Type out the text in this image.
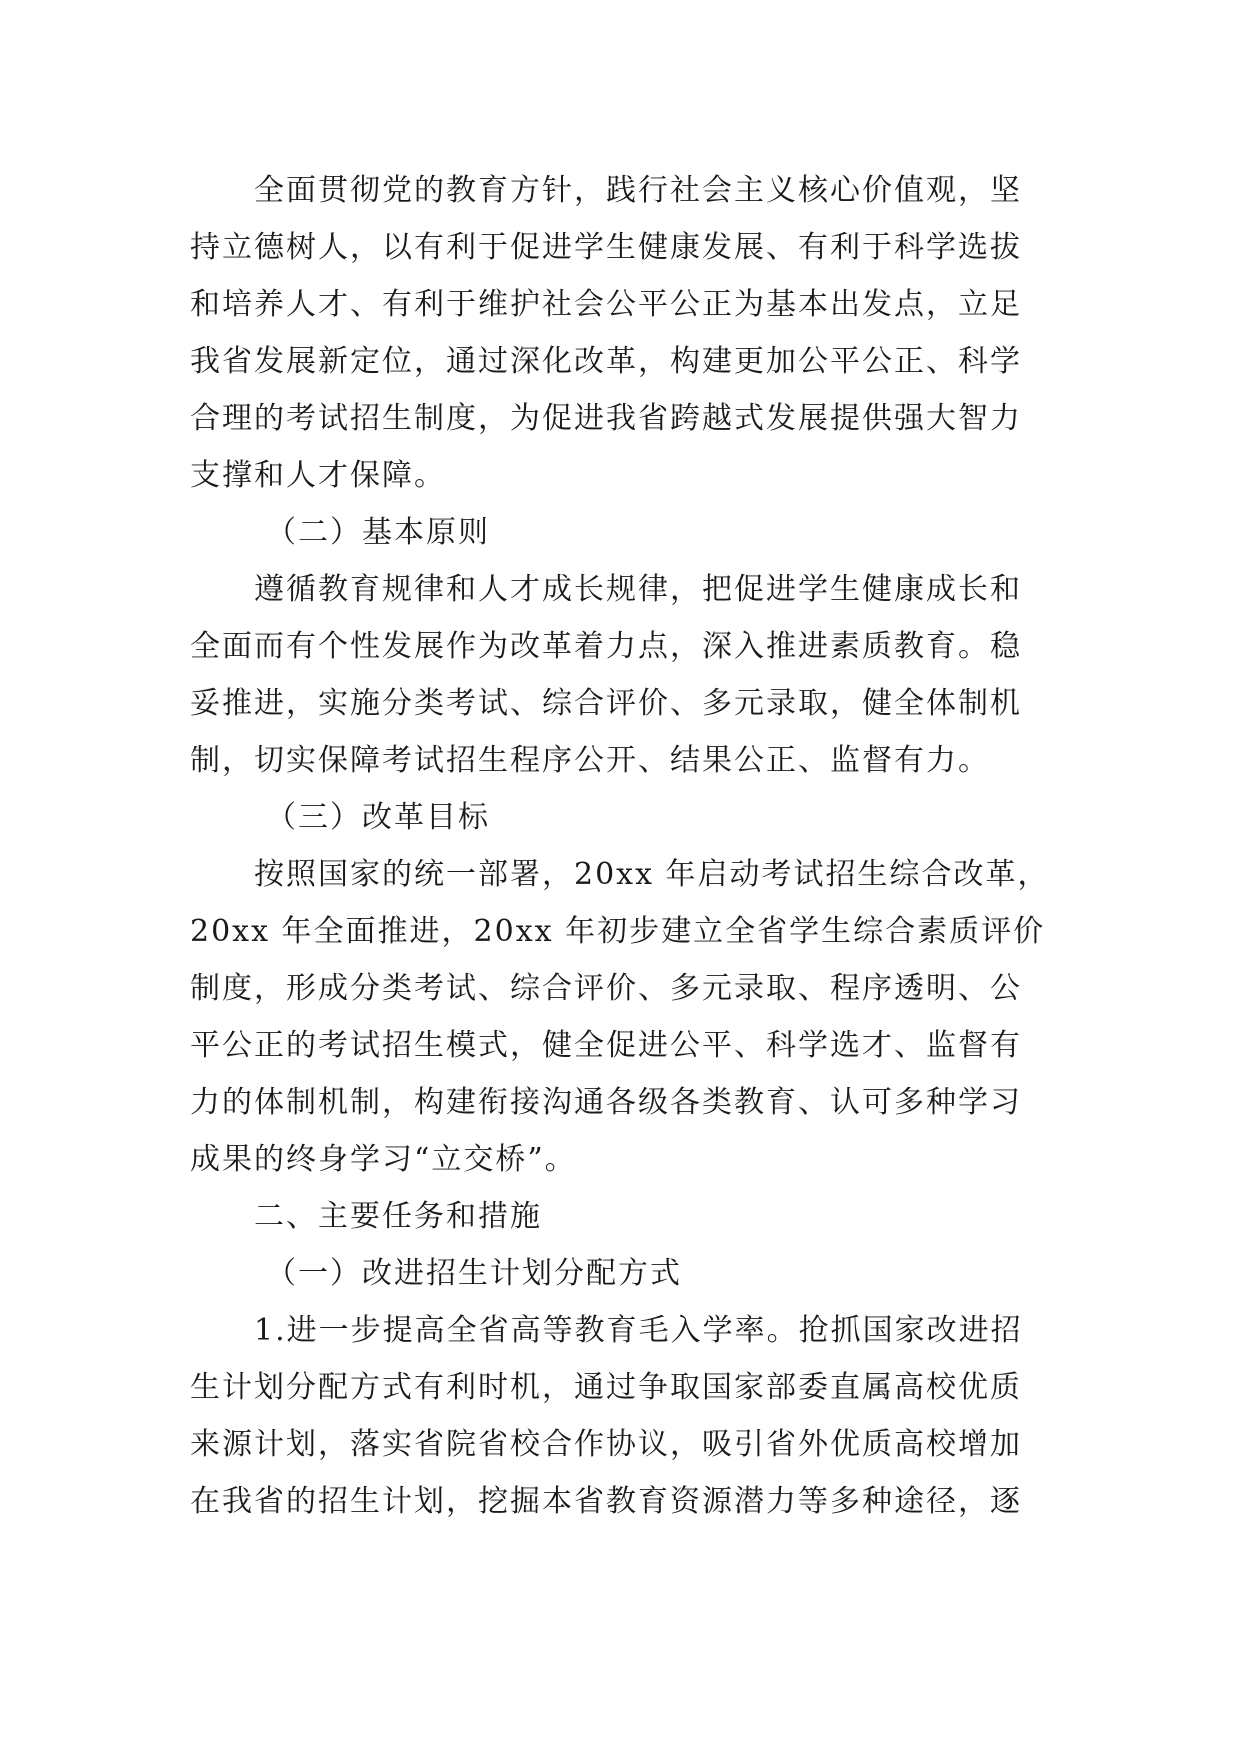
全面贯彻党的教育方针，践行社会主义核心价值观，坚
持立德树人，以有利于促进学生健康发展、有利于科学选拔
和培养人才、有利于维护社会公平公正为基本出发点，立足
我省发展新定位，通过深化改革，构建更加公平公正、科学
合理的考试招生制度，为促进我省跨越式发展提供强大智力
支撑和人才保障。
（二）基本原则
遵循教育规律和人才成长规律，把促进学生健康成长和
全面而有个性发展作为改革着力点，深入推进素质教育。稳
妥推进，实施分类考试、综合评价、多元录取，健全体制机
制，切实保障考试招生程序公开、结果公正、监督有力。
（三）改革目标
按照国家的统一部署，20xx 年启动考试招生综合改革，
20xx 年全面推进，20xx 年初步建立全省学生综合素质评价
制度，形成分类考试、综合评价、多元录取、程序透明、公
平公正的考试招生模式，健全促进公平、科学选才、监督有
力的体制机制，构建衔接沟通各级各类教育、认可多种学习
成果的终身学习“立交桥”。
二、主要任务和措施
（一）改进招生计划分配方式
1.进一步提高全省高等教育毛入学率。抢抓国家改进招
生计划分配方式有利时机，通过争取国家部委直属高校优质
来源计划，落实省院省校合作协议，吸引省外优质高校增加
在我省的招生计划，挖掘本省教育资源潜力等多种途径，逐
